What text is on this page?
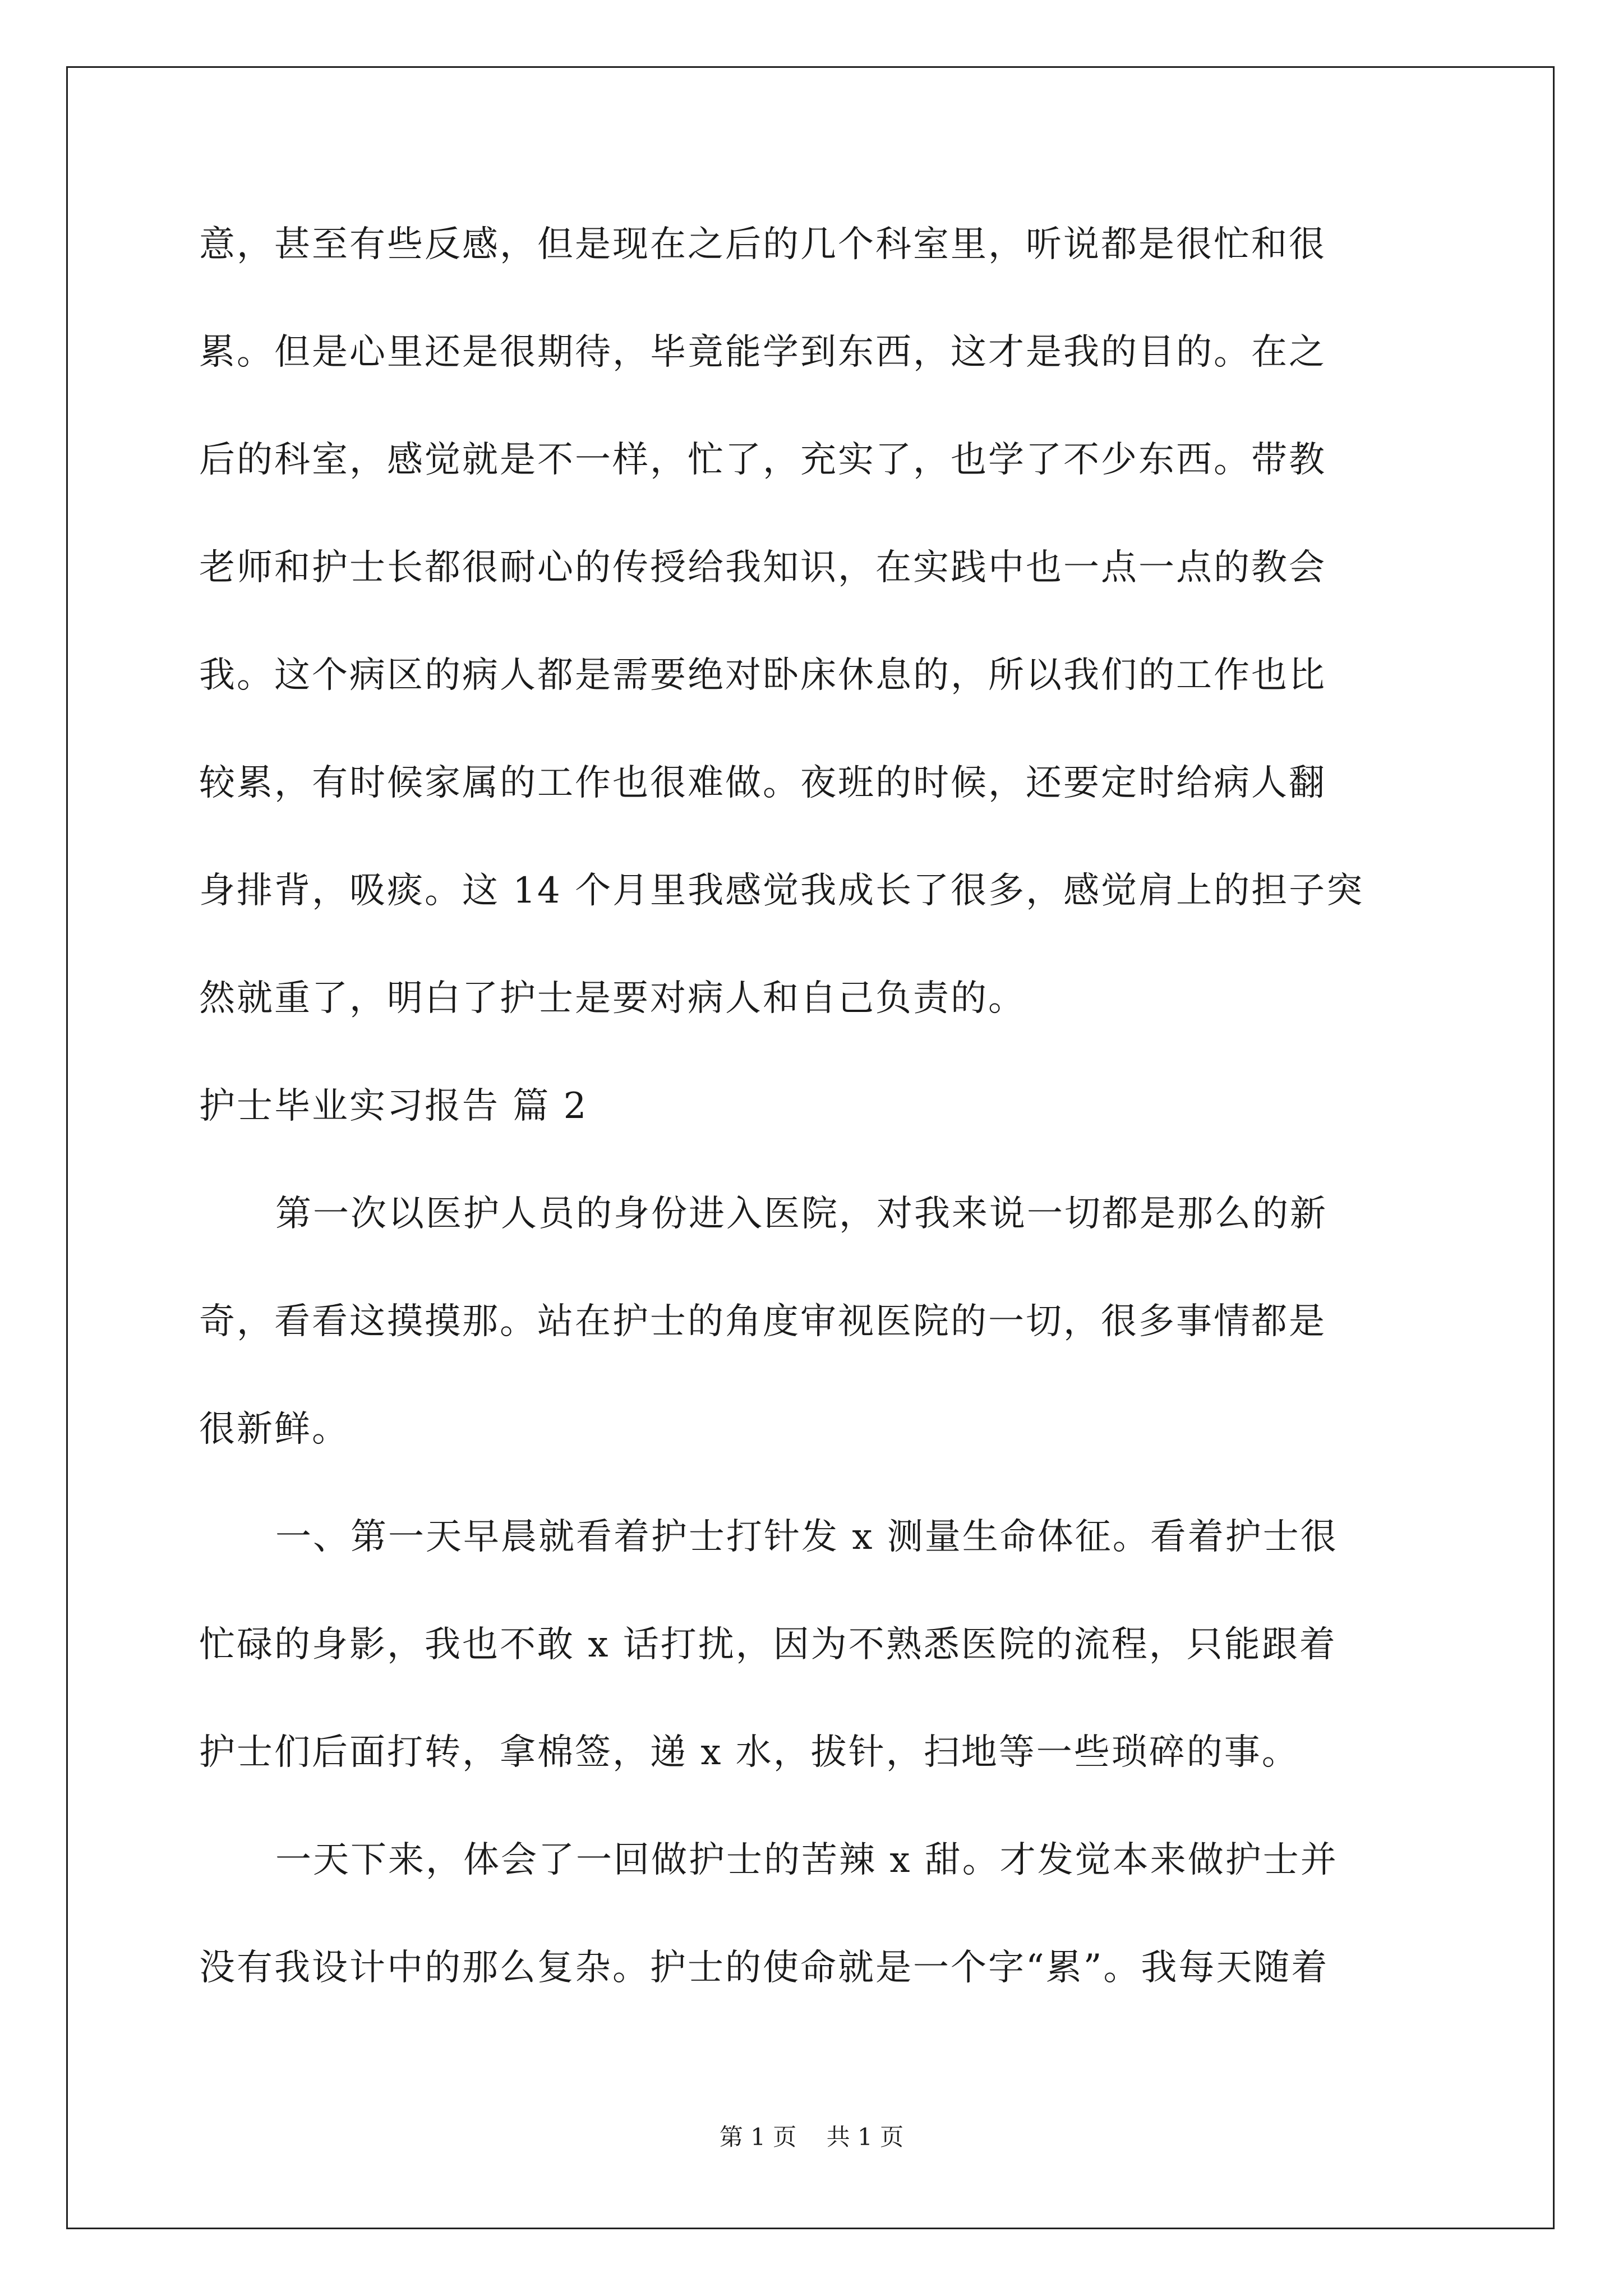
意，甚至有些反感，但是现在之后的几个科室里，听说都是很忙和很
累。但是心里还是很期待，毕竟能学到东西，这才是我的目的。在之
后的科室，感觉就是不一样，忙了，充实了，也学了不少东西。带教
老师和护士长都很耐心的传授给我知识，在实践中也一点一点的教会
我。这个病区的病人都是需要绝对卧床休息的，所以我们的工作也比
较累，有时候家属的工作也很难做。夜班的时候，还要定时给病人翻
身排背，吸痰。这 14 个月里我感觉我成长了很多，感觉肩上的担子突
然就重了，明白了护士是要对病人和自己负责的。
护士毕业实习报告 篇 2
第一次以医护人员的身份进入医院，对我来说一切都是那么的新
奇，看看这摸摸那。站在护士的角度审视医院的一切，很多事情都是
很新鲜。
一、第一天早晨就看着护士打针发 x 测量生命体征。看着护士很
忙碌的身影，我也不敢 x 话打扰，因为不熟悉医院的流程，只能跟着
护士们后面打转，拿棉签，递 x 水，拔针，扫地等一些琐碎的事。
一天下来，体会了一回做护士的苦辣 x 甜。才发觉本来做护士并
没有我设计中的那么复杂。护士的使命就是一个字“累”。我每天随着
第 1 页 共 1 页
